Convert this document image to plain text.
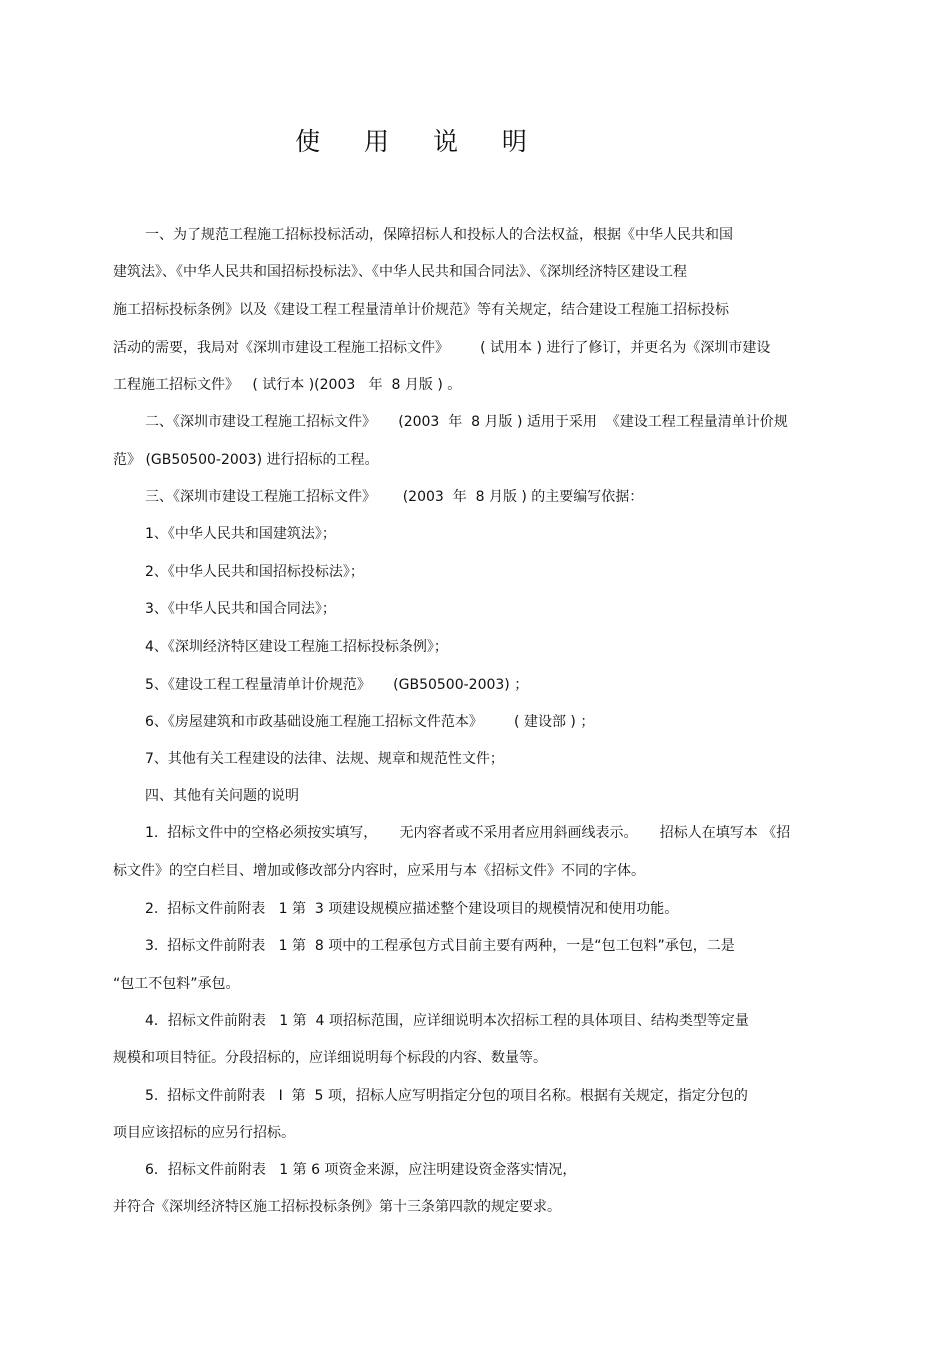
使 用 说 明
一、为了规范工程施工招标投标活动，保障招标人和投标人的合法权益，根据《中华人民共和国
建筑法》、《中华人民共和国招标投标法》、《中华人民共和国合同法》、《深圳经济特区建设工程
施工招标投标条例》以及《建设工程工程量清单计价规范》等有关规定，结合建设工程施工招标投标
活动的需要，我局对《深圳市建设工程施工招标文件》       ( 试用本 ) 进行了修订，并更名为《深圳市建设
工程施工招标文件》   ( 试行本 )(2003   年  8 月版 ) 。
二、《深圳市建设工程施工招标文件》     (2003  年  8 月版 ) 适用于采用  《建设工程工程量清单计价规
范》 (GB50500-2003) 进行招标的工程。
三、《深圳市建设工程施工招标文件》      (2003  年  8 月版 ) 的主要编写依据：
1、《中华人民共和国建筑法》；
2、《中华人民共和国招标投标法》；
3、《中华人民共和国合同法》；
4、《深圳经济特区建设工程施工招标投标条例》；
5、《建设工程工程量清单计价规范》     (GB50500-2003) ；
6、《房屋建筑和市政基础设施工程施工招标文件范本》       ( 建设部 ) ；
7、其他有关工程建设的法律、法规、规章和规范性文件；
四、其他有关问题的说明
1.  招标文件中的空格必须按实填写，     无内容者或不采用者应用斜画线表示。     招标人在填写本 《招
标文件》的空白栏目、增加或修改部分内容时，应采用与本《招标文件》不同的字体。
2.  招标文件前附表   1 第  3 项建设规模应描述整个建设项目的规模情况和使用功能。
3.  招标文件前附表   1 第  8 项中的工程承包方式目前主要有两种，一是“包工包料”承包，二是
“包工不包料”承包。
4．招标文件前附表   1 第  4 项招标范围，应详细说明本次招标工程的具体项目、结构类型等定量
规模和项目特征。分段招标的，应详细说明每个标段的内容、数量等。
5.  招标文件前附表   I  第  5 项，招标人应写明指定分包的项目名称。根据有关规定，指定分包的
项目应该招标的应另行招标。
6．招标文件前附表   1 第 6 项资金来源，应注明建设资金落实情况，
并符合《深圳经济特区施工招标投标条例》第十三条第四款的规定要求。
